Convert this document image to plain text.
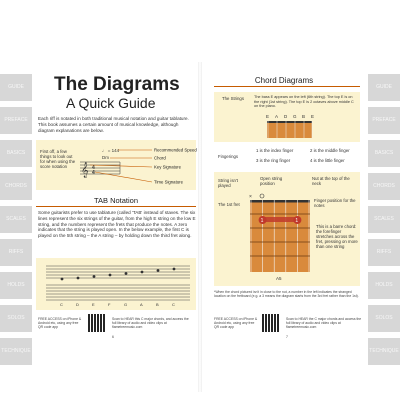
GUIDE
PREFACE
BASICS
CHORDS
SCALES
RIFFS
HOLDS
SOLOS
TECHNIQUE
GUIDE
PREFACE
BASICS
CHORDS
SCALES
RIFFS
HOLDS
SOLOS
TECHNIQUE
The Diagrams
A Quick Guide
Each riff is notated in both traditional musical notation and guitar tablature. This book assumes a certain amount of musical knowledge, although diagram explanations are below.
First off, a few things to look out for when using the score notation	𝄞 4
4
♩ = 144
Dm
Recommended Speed
Chord
Key Signature
Time Signature
TAB Notation
Some guitarists prefer to use tablature (called 'TAB' instead of staves. The six lines represent the six strings of the guitar, from the high E string on the low E string, and the numbers represent the frets that produce the notes. A zero indicates that the string is played open. In the below example, the first C is played on the 5th string – the A string – by holding down the third fret along.
C	D	E	F	G	A	B	C
FREE ACCESS on iPhone & Android etc, using any free QR code app
Scan to HEAR this C major chords, and access the full library of audio and video clips at flametreemusic.com
6
Chord Diagrams
The Strings	The bass E appears on the left (6th string). The top E is on the right (1st string). The top E is 2 octaves above middle C on the piano.
E A D G B E
Fingerings
1 is the index finger	2 is the middle finger
3 is the ring finger	4 is the little finger
String isn't played
Open string position
Nut at the top of the neck
The 1st fret
Finger position for the notes
This is a barre chord: the forefinger stretches across the fret, pressing on more than one string
×
1	1
A5
*When the chord pictured isn't in close to the nut, a number in the left indicates the stranged location on the fretboard (e.g. a 3 means the diagram starts from the 3rd fret rather than the 1st).
FREE ACCESS on iPhone & Android etc, using any free QR code app
Scan to HEAR the C major chords and access the full library of audio and video clips at flametreemusic.com
7
